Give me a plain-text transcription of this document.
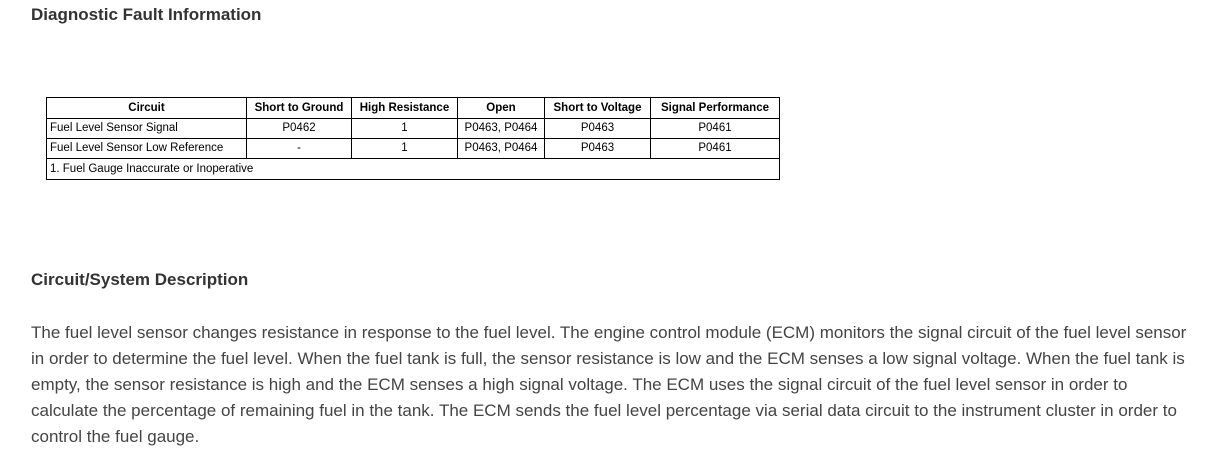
Diagnostic Fault Information
Circuit	Short to Ground	High Resistance	Open	Short to Voltage	Signal Performance
Fuel Level Sensor Signal	P0462	1	P0463, P0464	P0463	P0461
Fuel Level Sensor Low Reference	-	1	P0463, P0464	P0463	P0461
1. Fuel Gauge Inaccurate or Inoperative					
Circuit/System Description

The fuel level sensor changes resistance in response to the fuel level. The engine control module (ECM) monitors the signal circuit of the fuel level sensor in order to determine the fuel level. When the fuel tank is full, the sensor resistance is low and the ECM senses a low signal voltage. When the fuel tank is empty, the sensor resistance is high and the ECM senses a high signal voltage. The ECM uses the signal circuit of the fuel level sensor in order to calculate the percentage of remaining fuel in the tank. The ECM sends the fuel level percentage via serial data circuit to the instrument cluster in order to control the fuel gauge.
